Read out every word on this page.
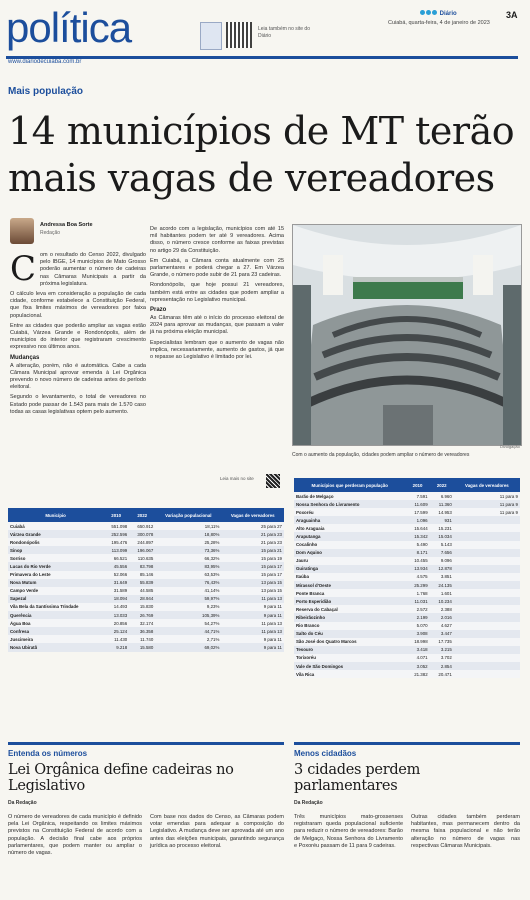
política	Leia também no site do Diário
Diário	3A
Cuiabá, quarta-feira, 4 de janeiro de 2023
www.diariodecuiaba.com.br
Mais população
14 municípios de MT terão mais vagas de vereadores
Andressa Boa Sorte
Redação
C om o resultado do Censo 2022, divulgado pelo IBGE, 14 municípios de Mato Grosso poderão aumentar o número de cadeiras nas Câmaras Municipais a partir da próxima legislatura.

O cálculo leva em consideração a população de cada cidade, conforme estabelece a Constituição Federal, que fixa limites máximos de vereadores por faixa populacional.

Entre as cidades que poderão ampliar as vagas estão Cuiabá, Várzea Grande e Rondonópolis, além de municípios do interior que registraram crescimento expressivo nos últimos anos.

Mudanças

A alteração, porém, não é automática. Cabe a cada Câmara Municipal aprovar emenda à Lei Orgânica prevendo o novo número de cadeiras antes do período eleitoral.

Segundo o levantamento, o total de vereadores no Estado pode passar de 1.543 para mais de 1.570 caso todas as casas legislativas optem pelo aumento.

De acordo com a legislação, municípios com até 15 mil habitantes podem ter até 9 vereadores. Acima disso, o número cresce conforme as faixas previstas no artigo 29 da Constituição.

Em Cuiabá, a Câmara conta atualmente com 25 parlamentares e poderá chegar a 27. Em Várzea Grande, o número pode subir de 21 para 23 cadeiras.

Rondonópolis, que hoje possui 21 vereadores, também está entre as cidades que podem ampliar a representação no Legislativo municipal.

Prazo

As Câmaras têm até o início do processo eleitoral de 2024 para aprovar as mudanças, que passam a valer já na próxima eleição municipal.

Especialistas lembram que o aumento de vagas não implica, necessariamente, aumento de gastos, já que o repasse ao Legislativo é limitado por lei.

Leia mais no site
Divulgação
Com o aumento da população, cidades podem ampliar o número de vereadores
Município	2010	2022	Variação populacional	Vagas de vereadores
Cuiabá	551.098	650.912	18,11%	25 para 27
Várzea Grande	252.596	300.078	18,80%	21 para 23
Rondonópolis	195.476	244.897	25,28%	21 para 23
Sinop	113.099	196.067	73,36%	15 para 21
Sorriso	66.521	110.635	66,32%	15 para 19
Lucas do Rio Verde	45.556	83.798	83,95%	15 para 17
Primavera do Leste	52.066	85.146	63,53%	15 para 17
Nova Mutum	31.649	55.839	76,43%	13 para 15
Campo Verde	31.589	44.585	41,14%	13 para 15
Sapezal	18.094	28.944	59,97%	11 para 13
Vila Bela da Santíssima Trindade	14.493	15.830	9,23%	9 para 11
Querência	13.033	26.769	105,39%	9 para 11
Água Boa	20.856	32.174	54,27%	11 para 13
Confresa	25.124	36.358	44,71%	11 para 13
Juscimeira	11.430	11.740	2,71%	9 para 11
Nova Ubiratã	9.218	15.580	69,02%	9 para 11
Municípios que perderam população	2010	2022	Vagas de vereadores
Barão de Melgaço	7.591	6.960	11 para 9
Nossa Senhora do Livramento	11.609	11.360	11 para 9
Poxoréu	17.599	14.953	11 para 9
Araguainha	1.096	931	
Alto Araguaia	15.644	15.231	
Araputanga	15.342	15.034	
Cocalinho	5.490	5.143	
Dom Aquino	8.171	7.656	
Jauru	10.455	9.096	
Guiratinga	13.934	12.878	
Itaúba	4.575	3.851	
Mirassol d'Oeste	25.299	24.135	
Ponte Branca	1.768	1.601	
Porto Esperidião	11.031	10.234	
Reserva do Cabaçal	2.572	2.388	
Ribeirãozinho	2.199	2.016	
Rio Branco	5.070	4.627	
Salto do Céu	3.908	3.447	
São José dos Quatro Marcos	18.998	17.735	
Tesouro	3.418	3.215	
Torixoréu	4.071	3.702	
Vale de São Domingos	3.052	2.854	
Vila Rica	21.382	20.471	
Entenda os números
Lei Orgânica define cadeiras no Legislativo
Da Redação

O número de vereadores de cada município é definido pela Lei Orgânica, respeitando os limites máximos previstos na Constituição Federal de acordo com a população. A decisão final cabe aos próprios parlamentares, que podem manter ou ampliar o número de vagas.

Com base nos dados do Censo, as Câmaras podem votar emendas para adequar a composição do Legislativo. A mudança deve ser aprovada até um ano antes das eleições municipais, garantindo segurança jurídica ao processo eleitoral.

Menos cidadãos
3 cidades perdem parlamentares
Da Redação

Três municípios mato-grossenses registraram queda populacional suficiente para reduzir o número de vereadores: Barão de Melgaço, Nossa Senhora do Livramento e Poxoréu passam de 11 para 9 cadeiras.

Outras cidades também perderam habitantes, mas permanecem dentro da mesma faixa populacional e não terão alteração no número de vagas nas respectivas Câmaras Municipais.
